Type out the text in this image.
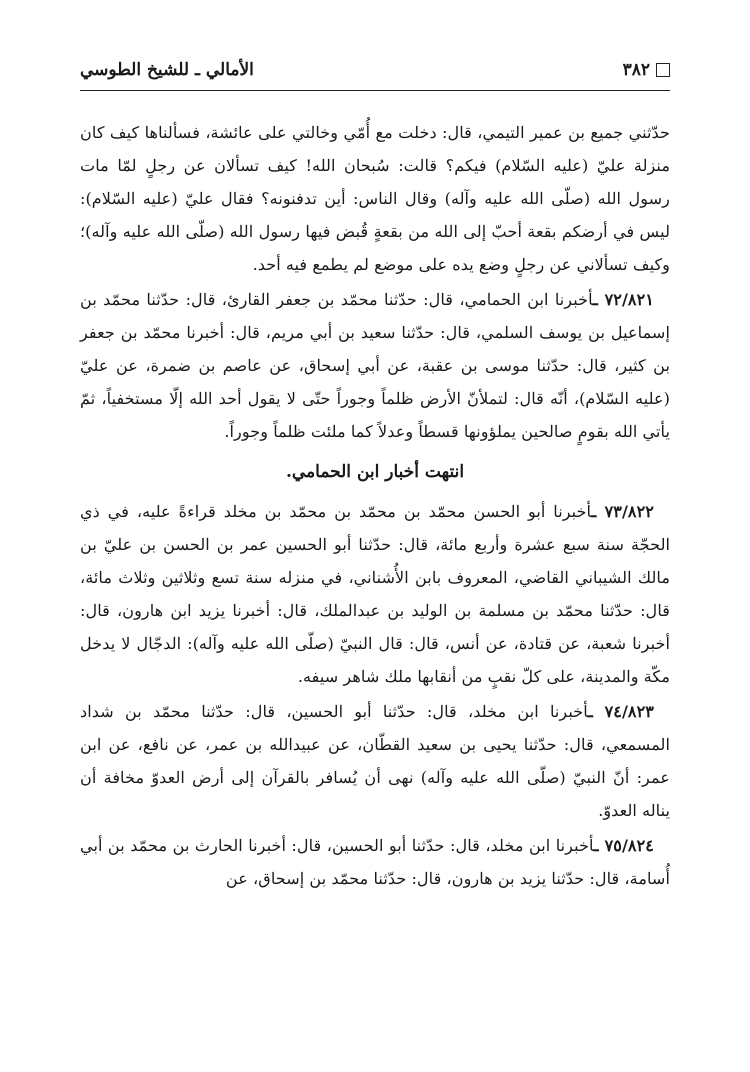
٣٨٢
الأمالي ـ للشيخ الطوسي

حدّثني جميع بن عمير التيمي، قال: دخلت مع أُمّي وخالتي على عائشة، فسألناها كيف كان منزلة عليّ (عليه السّلام) فيكم؟ قالت: سُبحان الله! كيف تسألان عن رجلٍ لمّا مات رسول الله (صلّى الله عليه وآله) وقال الناس: أين تدفنونه؟ فقال عليّ (عليه السّلام): ليس في أرضكم بقعة أحبّ إلى الله من بقعةٍ قُبض فيها رسول الله (صلّى الله عليه وآله)؛ وكيف تسألاني عن رجلٍ وضع يده على موضع لم يطمع فيه أحد.

٧٢/٨٢١ ـأخبرنا ابن الحمامي، قال: حدّثنا محمّد بن جعفر القارئ، قال: حدّثنا محمّد بن إسماعيل بن يوسف السلمي، قال: حدّثنا سعيد بن أبي مريم، قال: أخبرنا محمّد بن جعفر بن كثير، قال: حدّثنا موسى بن عقبة، عن أبي إسحاق، عن عاصم بن ضمرة، عن عليّ (عليه السّلام)، أنّه قال: لتملأنّ الأرض ظلماً وجوراً حتّى لا يقول أحد الله إلّا مستخفياً، ثمّ يأتي الله بقومٍ صالحين يملؤونها قسطاً وعدلاً كما ملئت ظلماً وجوراً.

انتهت أخبار ابن الحمامي.

٧٣/٨٢٢ ـأخبرنا أبو الحسن محمّد بن محمّد بن محمّد بن مخلد قراءةً عليه، في ذي الحجّة سنة سبع عشرة وأربع مائة، قال: حدّثنا أبو الحسين عمر بن الحسن بن عليّ بن مالك الشيباني القاضي، المعروف بابن الأُشناني، في منزله سنة تسع وثلاثين وثلاث مائة، قال: حدّثنا محمّد بن مسلمة بن الوليد بن عبدالملك، قال: أخبرنا يزيد ابن هارون، قال: أخبرنا شعبة، عن قتادة، عن أنس، قال: قال النبيّ (صلّى الله عليه وآله): الدجّال لا يدخل مكّة والمدينة، على كلّ نقبٍ من أنقابها ملك شاهر سيفه.

٧٤/٨٢٣ ـأخبرنا ابن مخلد، قال: حدّثنا أبو الحسين، قال: حدّثنا محمّد بن شداد المسمعي، قال: حدّثنا يحيى بن سعيد القطّان، عن عبيدالله بن عمر، عن نافع، عن ابن عمر: أنّ النبيّ (صلّى الله عليه وآله) نهى أن يُسافر بالقرآن إلى أرض العدوّ مخافة أن يناله العدوّ.

٧٥/٨٢٤ ـأخبرنا ابن مخلد، قال: حدّثنا أبو الحسين، قال: أخبرنا الحارث بن محمّد بن أبي أُسامة، قال: حدّثنا يزيد بن هارون، قال: حدّثنا محمّد بن إسحاق، عن
